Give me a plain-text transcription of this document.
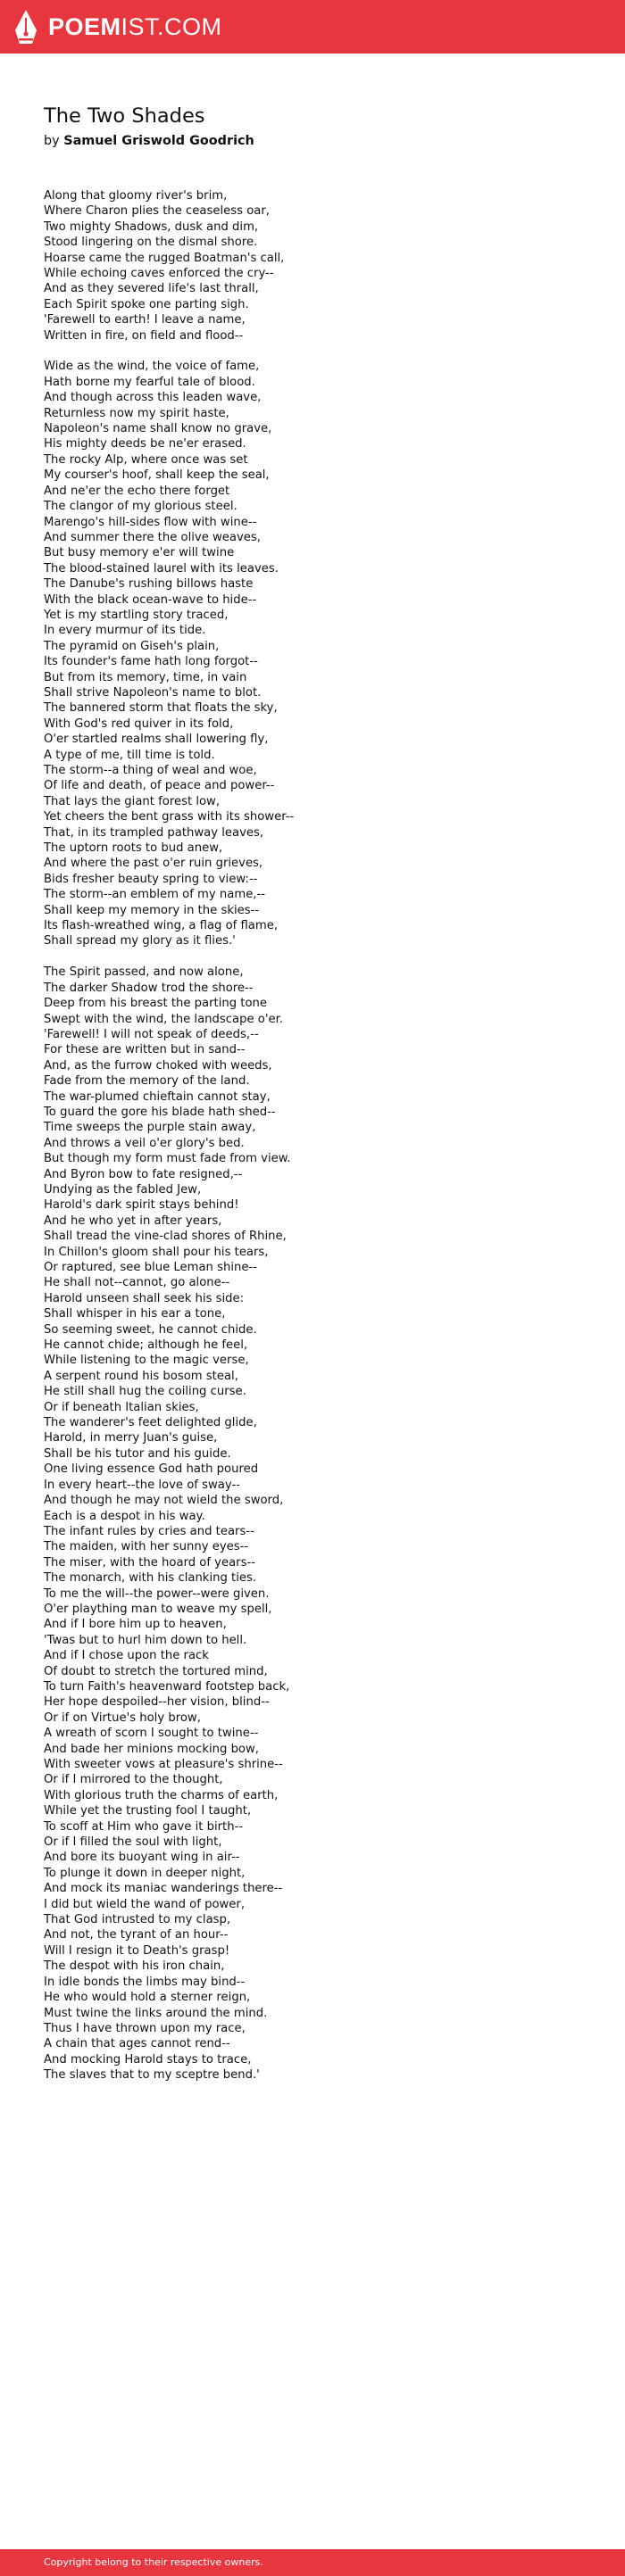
POEMIST.COM
The Two Shades
by Samuel Griswold Goodrich
Along that gloomy river's brim,
Where Charon plies the ceaseless oar,
Two mighty Shadows, dusk and dim,
Stood lingering on the dismal shore.
Hoarse came the rugged Boatman's call,
While echoing caves enforced the cry--
And as they severed life's last thrall,
Each Spirit spoke one parting sigh.
'Farewell to earth! I leave a name,
Written in fire, on field and flood--
Wide as the wind, the voice of fame,
Hath borne my fearful tale of blood.
And though across this leaden wave,
Returnless now my spirit haste,
Napoleon's name shall know no grave,
His mighty deeds be ne'er erased.
The rocky Alp, where once was set
My courser's hoof, shall keep the seal,
And ne'er the echo there forget
The clangor of my glorious steel.
Marengo's hill-sides flow with wine--
And summer there the olive weaves,
But busy memory e'er will twine
The blood-stained laurel with its leaves.
The Danube's rushing billows haste
With the black ocean-wave to hide--
Yet is my startling story traced,
In every murmur of its tide.
The pyramid on Giseh's plain,
Its founder's fame hath long forgot--
But from its memory, time, in vain
Shall strive Napoleon's name to blot.
The bannered storm that floats the sky,
With God's red quiver in its fold,
O'er startled realms shall lowering fly,
A type of me, till time is told.
The storm--a thing of weal and woe,
Of life and death, of peace and power--
That lays the giant forest low,
Yet cheers the bent grass with its shower--
That, in its trampled pathway leaves,
The uptorn roots to bud anew,
And where the past o'er ruin grieves,
Bids fresher beauty spring to view:--
The storm--an emblem of my name,--
Shall keep my memory in the skies--
Its flash-wreathed wing, a flag of flame,
Shall spread my glory as it flies.'
The Spirit passed, and now alone,
The darker Shadow trod the shore--
Deep from his breast the parting tone
Swept with the wind, the landscape o'er.
'Farewell! I will not speak of deeds,--
For these are written but in sand--
And, as the furrow choked with weeds,
Fade from the memory of the land.
The war-plumed chieftain cannot stay,
To guard the gore his blade hath shed--
Time sweeps the purple stain away,
And throws a veil o'er glory's bed.
But though my form must fade from view.
And Byron bow to fate resigned,--
Undying as the fabled Jew,
Harold's dark spirit stays behind!
And he who yet in after years,
Shall tread the vine-clad shores of Rhine,
In Chillon's gloom shall pour his tears,
Or raptured, see blue Leman shine--
He shall not--cannot, go alone--
Harold unseen shall seek his side:
Shall whisper in his ear a tone,
So seeming sweet, he cannot chide.
He cannot chide; although he feel,
While listening to the magic verse,
A serpent round his bosom steal,
He still shall hug the coiling curse.
Or if beneath Italian skies,
The wanderer's feet delighted glide,
Harold, in merry Juan's guise,
Shall be his tutor and his guide.
One living essence God hath poured
In every heart--the love of sway--
And though he may not wield the sword,
Each is a despot in his way.
The infant rules by cries and tears--
The maiden, with her sunny eyes--
The miser, with the hoard of years--
The monarch, with his clanking ties.
To me the will--the power--were given.
O'er plaything man to weave my spell,
And if I bore him up to heaven,
'Twas but to hurl him down to hell.
And if I chose upon the rack
Of doubt to stretch the tortured mind,
To turn Faith's heavenward footstep back,
Her hope despoiled--her vision, blind--
Or if on Virtue's holy brow,
A wreath of scorn I sought to twine--
And bade her minions mocking bow,
With sweeter vows at pleasure's shrine--
Or if I mirrored to the thought,
With glorious truth the charms of earth,
While yet the trusting fool I taught,
To scoff at Him who gave it birth--
Or if I filled the soul with light,
And bore its buoyant wing in air--
To plunge it down in deeper night,
And mock its maniac wanderings there--
I did but wield the wand of power,
That God intrusted to my clasp,
And not, the tyrant of an hour--
Will I resign it to Death's grasp!
The despot with his iron chain,
In idle bonds the limbs may bind--
He who would hold a sterner reign,
Must twine the links around the mind.
Thus I have thrown upon my race,
A chain that ages cannot rend--
And mocking Harold stays to trace,
The slaves that to my sceptre bend.'
Copyright belong to their respective owners.
